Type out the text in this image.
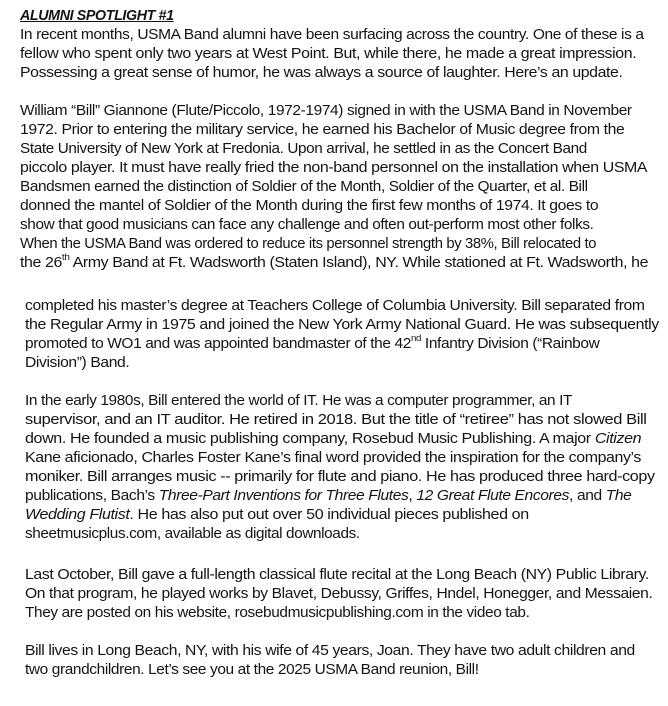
ALUMNI SPOTLIGHT #1
In recent months, USMA Band alumni have been surfacing across the country. One of these is a
fellow who spent only two years at West Point. But, while there, he made a great impression.
Possessing a great sense of humor, he was always a source of laughter. Here’s an update.
William “Bill” Giannone (Flute/Piccolo, 1972-1974) signed in with the USMA Band in November
1972. Prior to entering the military service, he earned his Bachelor of Music degree from the
State University of New York at Fredonia. Upon arrival, he settled in as the Concert Band
piccolo player. It must have really fried the non-band personnel on the installation when USMA
Bandsmen earned the distinction of Soldier of the Month, Soldier of the Quarter, et al. Bill
donned the mantel of Soldier of the Month during the first few months of 1974. It goes to
show that good musicians can face any challenge and often out-perform most other folks.
When the USMA Band was ordered to reduce its personnel strength by 38%, Bill relocated to
the 26th Army Band at Ft. Wadsworth (Staten Island), NY. While stationed at Ft. Wadsworth, he
completed his master’s degree at Teachers College of Columbia University. Bill separated from
the Regular Army in 1975 and joined the New York Army National Guard. He was subsequently
promoted to WO1 and was appointed bandmaster of the 42nd Infantry Division (“Rainbow
Division”) Band.
In the early 1980s, Bill entered the world of IT. He was a computer programmer, an IT
supervisor, and an IT auditor. He retired in 2018. But the title of “retiree” has not slowed Bill
down. He founded a music publishing company, Rosebud Music Publishing. A major Citizen
Kane aficionado, Charles Foster Kane’s final word provided the inspiration for the company’s
moniker. Bill arranges music -- primarily for flute and piano. He has produced three hard-copy
publications, Bach’s Three-Part Inventions for Three Flutes, 12 Great Flute Encores, and The
Wedding Flutist. He has also put out over 50 individual pieces published on
sheetmusicplus.com, available as digital downloads.
Last October, Bill gave a full-length classical flute recital at the Long Beach (NY) Public Library.
On that program, he played works by Blavet, Debussy, Griffes, Hndel, Honegger, and Messaien.
They are posted on his website, rosebudmusicpublishing.com in the video tab.
Bill lives in Long Beach, NY, with his wife of 45 years, Joan. They have two adult children and
two grandchildren. Let’s see you at the 2025 USMA Band reunion, Bill!
